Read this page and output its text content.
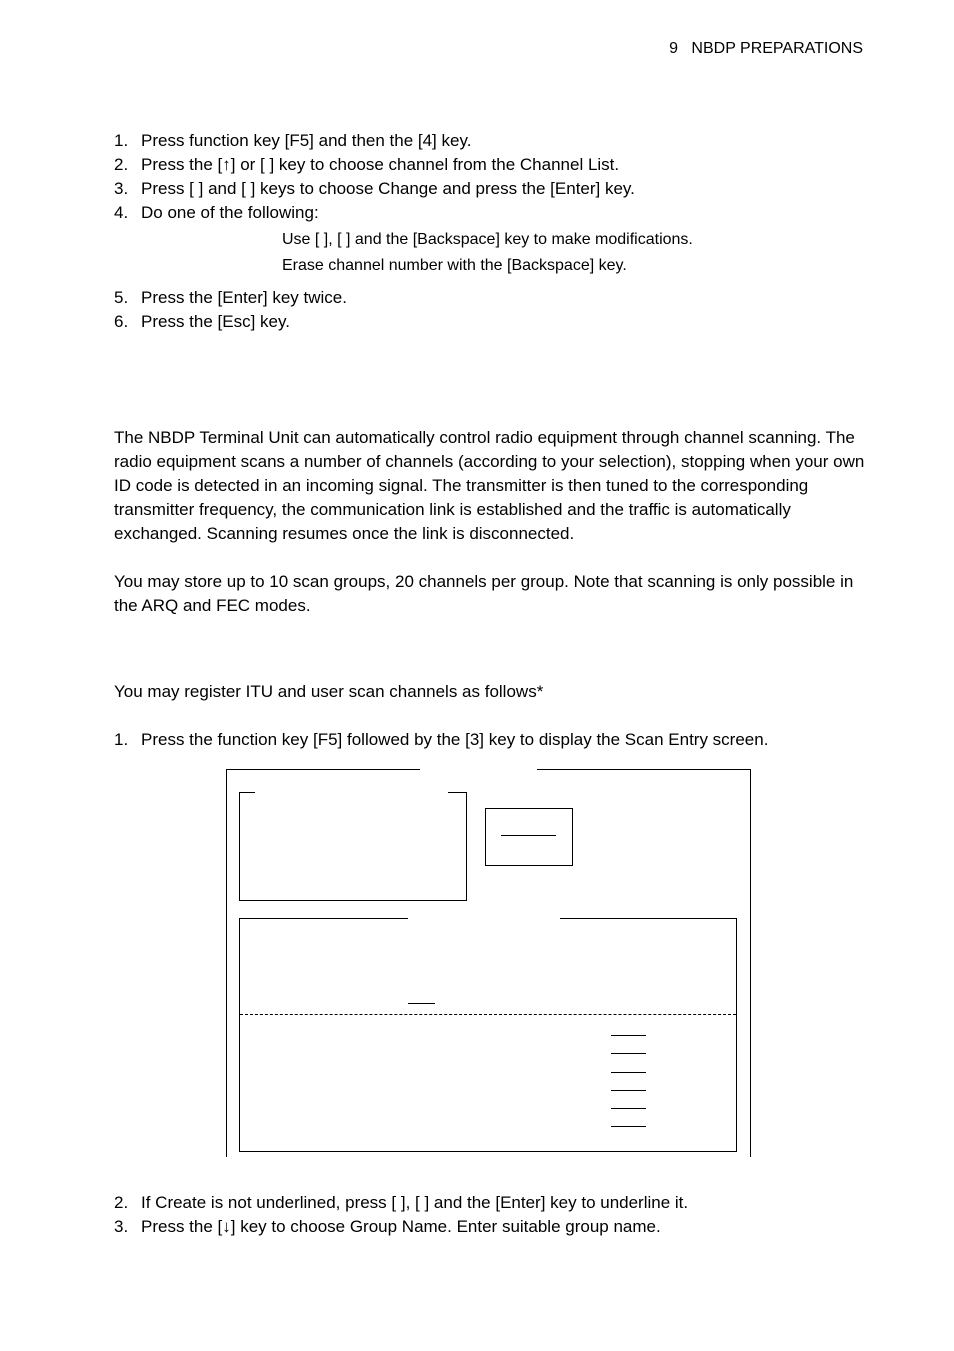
9 NBDP PREPARATIONS
1. Press function key [F5] and then the [4] key.
2. Press the [↑] or [ ] key to choose channel from the Channel List.
3. Press [ ] and [ ] keys to choose Change and press the [Enter] key.
4. Do one of the following:
Use [ ], [ ] and the [Backspace] key to make modifications.
Erase channel number with the [Backspace] key.
5. Press the [Enter] key twice.
6. Press the [Esc] key.

The NBDP Terminal Unit can automatically control radio equipment through channel scanning. The radio equipment scans a number of channels (according to your selection), stopping when your own ID code is detected in an incoming signal. The transmitter is then tuned to the corresponding transmitter frequency, the communication link is established and the traffic is automatically exchanged. Scanning resumes once the link is disconnected.

You may store up to 10 scan groups, 20 channels per group. Note that scanning is only possible in the ARQ and FEC modes.

You may register ITU and user scan channels as follows*

1. Press the function key [F5] followed by the [3] key to display the Scan Entry screen.
2. If Create is not underlined, press [ ], [ ] and the [Enter] key to underline it.
3. Press the [↓] key to choose Group Name. Enter suitable group name.
